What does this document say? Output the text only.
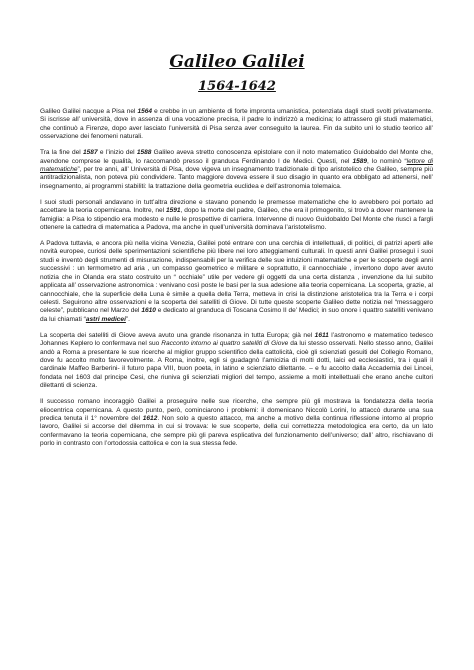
Galileo Galilei
1564-1642

Galileo Galilei nacque a Pisa nel 1564 e crebbe in un ambiente di forte impronta umanistica, potenziata dagli studi svolti privatamente. Si iscrisse all’ università, dove in assenza di una vocazione precisa, il padre lo indirizzò a medicina; lo attrassero gli studi matematici, che continuò a Firenze, dopo aver lasciato l’università di Pisa senza aver conseguito la laurea. Fin da subito unì lo studio teorico all’ osservazione dei fenomeni naturali.

Tra la fine del 1587 e l’inizio del 1588 Galileo aveva stretto conoscenza epistolare con il noto matematico Guidobaldo del Monte che, avendone comprese le qualità, lo raccomandò presso il granduca Ferdinando I de Medici. Questi, nel 1589, lo nominò “lettore di matematiche”, per tre anni, all’ Università di Pisa, dove vigeva un insegnamento tradizionale di tipo aristotelico che Galileo, sempre più antitradizionalista, non poteva più condividere. Tanto maggiore doveva essere il suo disagio in quanto era obbligato ad attenersi, nell’ insegnamento, ai programmi stabiliti: la trattazione della geometria euclidea e dell’astronomia tolemaica.

I suoi studi personali andavano in tutt’altra direzione e stavano ponendo le premesse matematiche che lo avrebbero poi portato ad accettare la teoria copernicana. Inoltre, nel 1591, dopo la morte del padre, Galileo, che era il primogenito, si trovò a dover mantenere la famiglia: a Pisa lo stipendio era modesto e nulle le prospettive di carriera. Intervenne di nuovo Guidobaldo Del Monte che riuscì a fargli ottenere la cattedra di matematica a Padova, ma anche in quell’università dominava l’aristotelismo.

A Padova tuttavia, e ancora più nella vicina Venezia, Galilei poté entrare con una cerchia di intellettuali, di politici, di patrizi aperti alle novità europee, curiosi delle sperimentazioni scientifiche più libere nei loro atteggiamenti culturali. In questi anni Galilei proseguì i suoi studi e inventò degli strumenti di misurazione, indispensabili per la verifica delle sue intuizioni matematiche e per le scoperte degli anni successivi : un termometro ad aria , un compasso geometrico e militare e soprattutto, il cannocchiale , invertono dopo aver avuto notizia che in Olanda era stato costruito un “ occhiale” utile per vedere gli oggetti da una certa distanza , invenzione da lui subito applicata all’ osservazione astronomica : venivano così poste le basi per la sua adesione alla teoria copernicana. La scoperta, grazie, al cannocchiale, che la superficie della Luna è simile a quella della Terra, metteva in crisi la distinzione aristotelica tra la Terra e i corpi celesti. Seguirono altre osservazioni e la scoperta dei satelliti di Giove. Di tutte queste scoperte Galileo dette notizia nel “messaggero celeste”, pubblicano nel Marzo del 1610 e dedicato al granduca di Toscana Cosimo II de’ Medici; in suo onore i quattro satelliti venivano da lui chiamati “astri medicei”.

La scoperta dei satelliti di Giove aveva avuto una grande risonanza in tutta Europa; già nel 1611 l’astronomo e matematico tedesco Johannes Keplero lo confermava nel suo Racconto intorno ai quattro satelliti di Giove da lui stesso osservati. Nello stesso anno, Galilei andò a Roma a presentare le sue ricerche al miglior gruppo scientifico della cattolicità, cioè gli scienziati gesuiti del Collegio Romano, dove fu accolto molto favorevolmente. A Roma, inoltre, egli si guadagnò l’amicizia di molti dotti, laici ed ecclesiastici, tra i quali il cardinale Maffeo Barberini- il futuro papa VIII, buon poeta, in latino e scienziato dilettante. – e fu accolto dalla Accademia dei Lincei, fondata nel 1603 dal principe Cesi, che riuniva gli scienziati migliori del tempo, assieme a molti intellettuali che erano anche cultori dilettanti di scienza.

Il successo romano incoraggiò Galilei a proseguire nelle sue ricerche, che sempre più gli mostrava la fondatezza della teoria eliocentrica copernicana. A questo punto, però, cominciarono i problemi: il domenicano Niccolò Lorini, lo attaccò durante una sua predica tenuta il 1° novembre del 1612. Non solo a questo attacco, ma anche a motivo della continua riflessione intorno al proprio lavoro, Galilei si accorse del dilemma in cui si trovava: le sue scoperte, della cui correttezza metodologica era certo, da un lato confermavano la teoria copernicana, che sempre più gli pareva esplicativa del funzionamento dell’universo; dall’ altro, rischiavano di porlo in contrasto con l’ortodossia cattolica e con la sua stessa fede.
